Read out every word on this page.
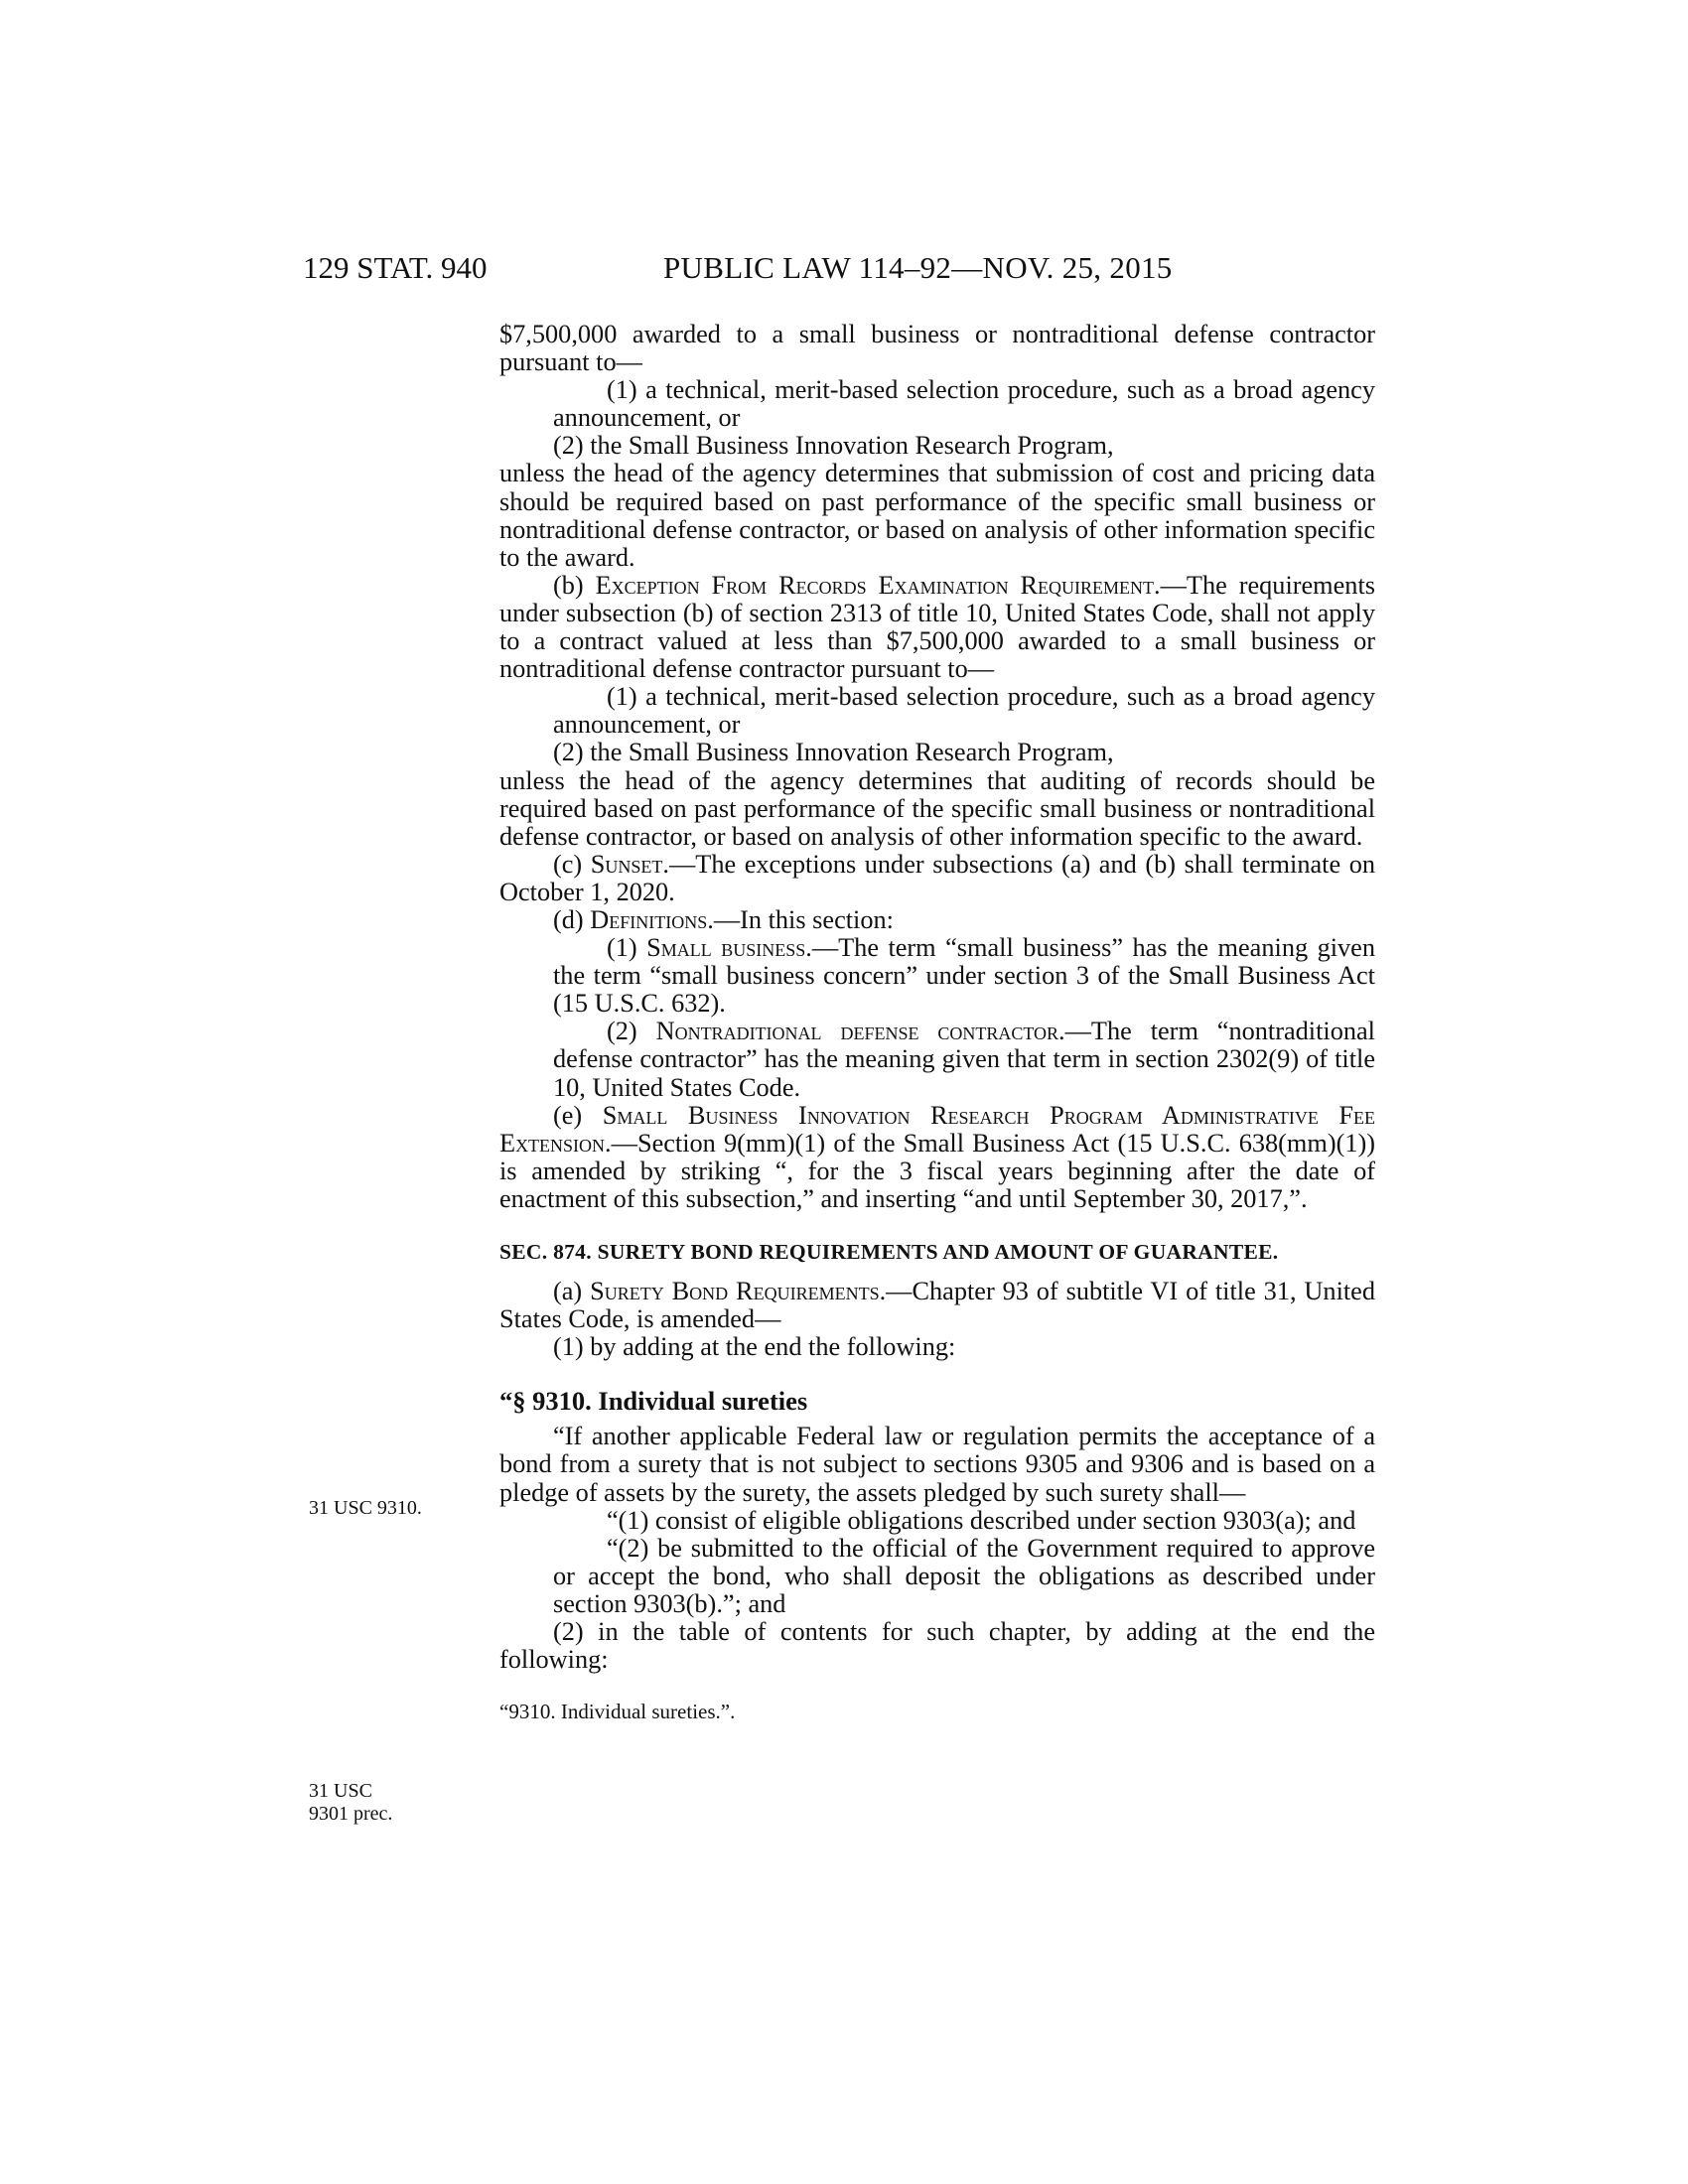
129 STAT. 940	PUBLIC LAW 114–92—NOV. 25, 2015
31 USC 9310.
31 USC
9301 prec.

$7,500,000 awarded to a small business or nontraditional defense contractor pursuant to—

(1) a technical, merit-based selection procedure, such as a broad agency announcement, or

(2) the Small Business Innovation Research Program,

unless the head of the agency determines that submission of cost and pricing data should be required based on past performance of the specific small business or nontraditional defense contractor, or based on analysis of other information specific to the award.

(b) Exception From Records Examination Requirement.—The requirements under subsection (b) of section 2313 of title 10, United States Code, shall not apply to a contract valued at less than $7,500,000 awarded to a small business or nontraditional defense contractor pursuant to—

(1) a technical, merit-based selection procedure, such as a broad agency announcement, or

(2) the Small Business Innovation Research Program,

unless the head of the agency determines that auditing of records should be required based on past performance of the specific small business or nontraditional defense contractor, or based on analysis of other information specific to the award.

(c) Sunset.—The exceptions under subsections (a) and (b) shall terminate on October 1, 2020.

(d) Definitions.—In this section:

(1) Small business.—The term “small business” has the meaning given the term “small business concern” under section 3 of the Small Business Act (15 U.S.C. 632).

(2) Nontraditional defense contractor.—The term “nontraditional defense contractor” has the meaning given that term in section 2302(9) of title 10, United States Code.

(e) Small Business Innovation Research Program Administrative Fee Extension.—Section 9(mm)(1) of the Small Business Act (15 U.S.C. 638(mm)(1)) is amended by striking “, for the 3 fiscal years beginning after the date of enactment of this subsection,” and inserting “and until September 30, 2017,”.

SEC. 874. SURETY BOND REQUIREMENTS AND AMOUNT OF GUARANTEE.

(a) Surety Bond Requirements.—Chapter 93 of subtitle VI of title 31, United States Code, is amended—

(1) by adding at the end the following:

“§ 9310. Individual sureties

“If another applicable Federal law or regulation permits the acceptance of a bond from a surety that is not subject to sections 9305 and 9306 and is based on a pledge of assets by the surety, the assets pledged by such surety shall—

“(1) consist of eligible obligations described under section 9303(a); and

“(2) be submitted to the official of the Government required to approve or accept the bond, who shall deposit the obligations as described under section 9303(b).”; and

(2) in the table of contents for such chapter, by adding at the end the following:

“9310. Individual sureties.”.
